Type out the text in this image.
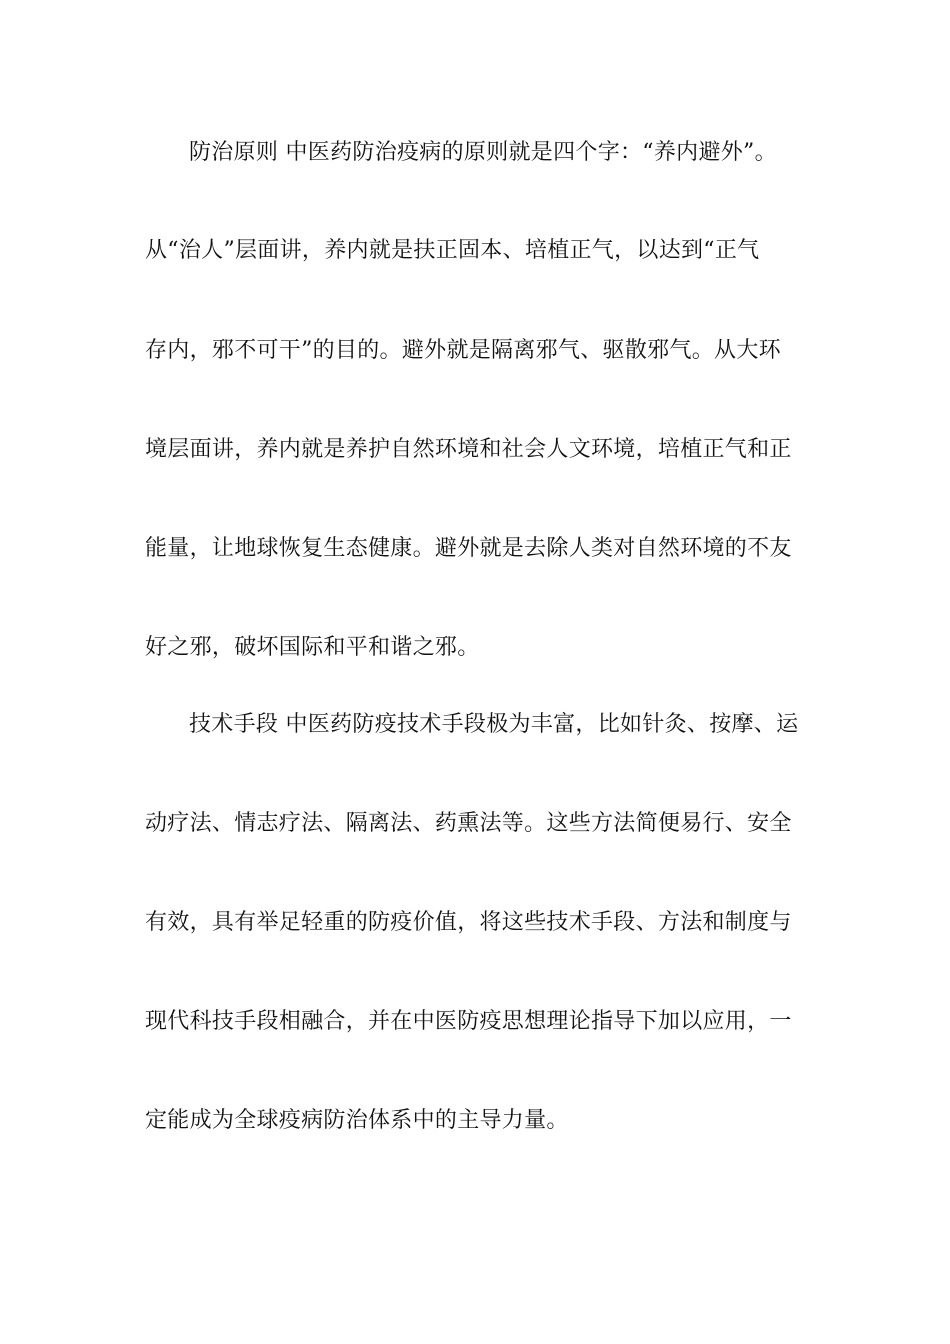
防治原则 中医药防治疫病的原则就是四个字：“养内避外”。
从“治人”层面讲，养内就是扶正固本、培植正气，以达到“正气
存内，邪不可干”的目的。避外就是隔离邪气、驱散邪气。从大环
境层面讲，养内就是养护自然环境和社会人文环境，培植正气和正
能量，让地球恢复生态健康。避外就是去除人类对自然环境的不友
好之邪，破坏国际和平和谐之邪。
技术手段 中医药防疫技术手段极为丰富，比如针灸、按摩、运
动疗法、情志疗法、隔离法、药熏法等。这些方法简便易行、安全
有效，具有举足轻重的防疫价值，将这些技术手段、方法和制度与
现代科技手段相融合，并在中医防疫思想理论指导下加以应用，一
定能成为全球疫病防治体系中的主导力量。
